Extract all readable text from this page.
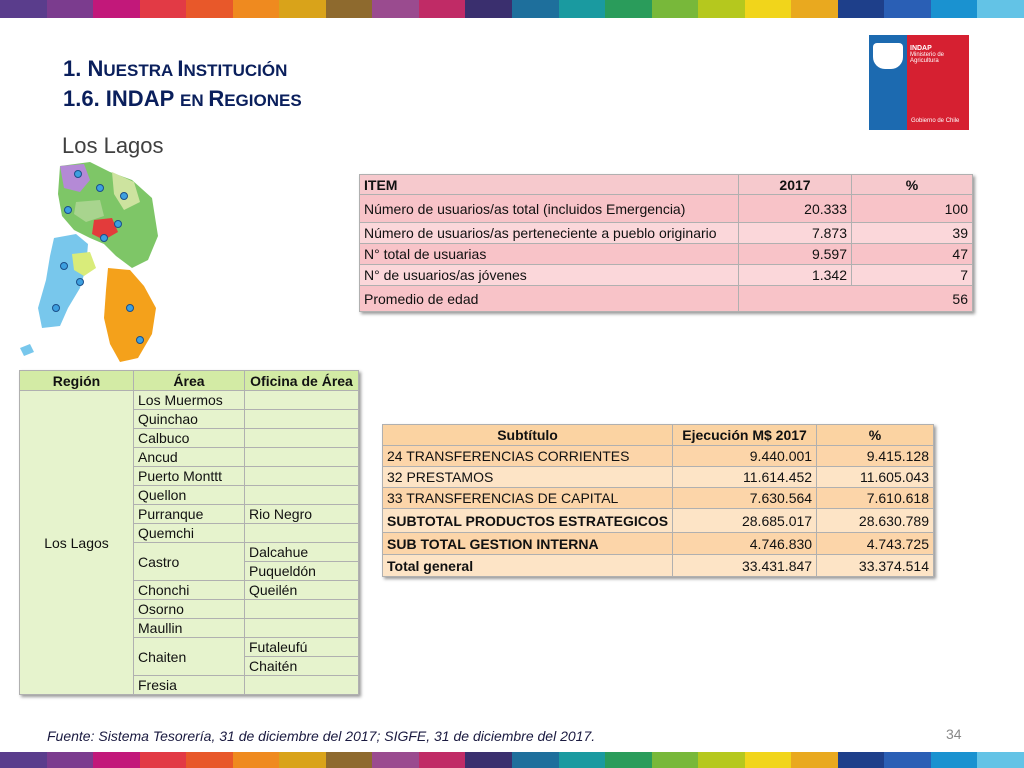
1. NUESTRA INSTITUCIÓN
1.6. INDAP EN REGIONES
Los Lagos
INDAP
Ministerio de
Agricultura
Gobierno de Chile
ITEM	2017	%
Número de usuarios/as total (incluidos Emergencia)	20.333	100
Número de usuarios/as perteneciente a pueblo originario	7.873	39
N° total de usuarias	9.597	47
N° de usuarios/as jóvenes	1.342	7
Promedio de edad	56	
Región	Área	Oficina de Área
Los Lagos	Los Muermos	
	Quinchao	
	Calbuco	
	Ancud	
	Puerto Monttt	
	Quellon	
	Purranque	Rio Negro
	Quemchi	
	Castro	Dalcahue
		Puqueldón
	Chonchi	Queilén
	Osorno	
	Maullin	
	Chaiten	Futaleufú
		Chaitén
	Fresia	
Subtítulo	Ejecución M$ 2017	%
24 TRANSFERENCIAS CORRIENTES	9.440.001	9.415.128
32 PRESTAMOS	11.614.452	11.605.043
33 TRANSFERENCIAS DE CAPITAL	7.630.564	7.610.618
SUBTOTAL PRODUCTOS ESTRATEGICOS	28.685.017	28.630.789
SUB TOTAL GESTION INTERNA	4.746.830	4.743.725
Total general	33.431.847	33.374.514
Fuente: Sistema Tesorería, 31 de diciembre del 2017; SIGFE, 31 de diciembre del 2017.	34
